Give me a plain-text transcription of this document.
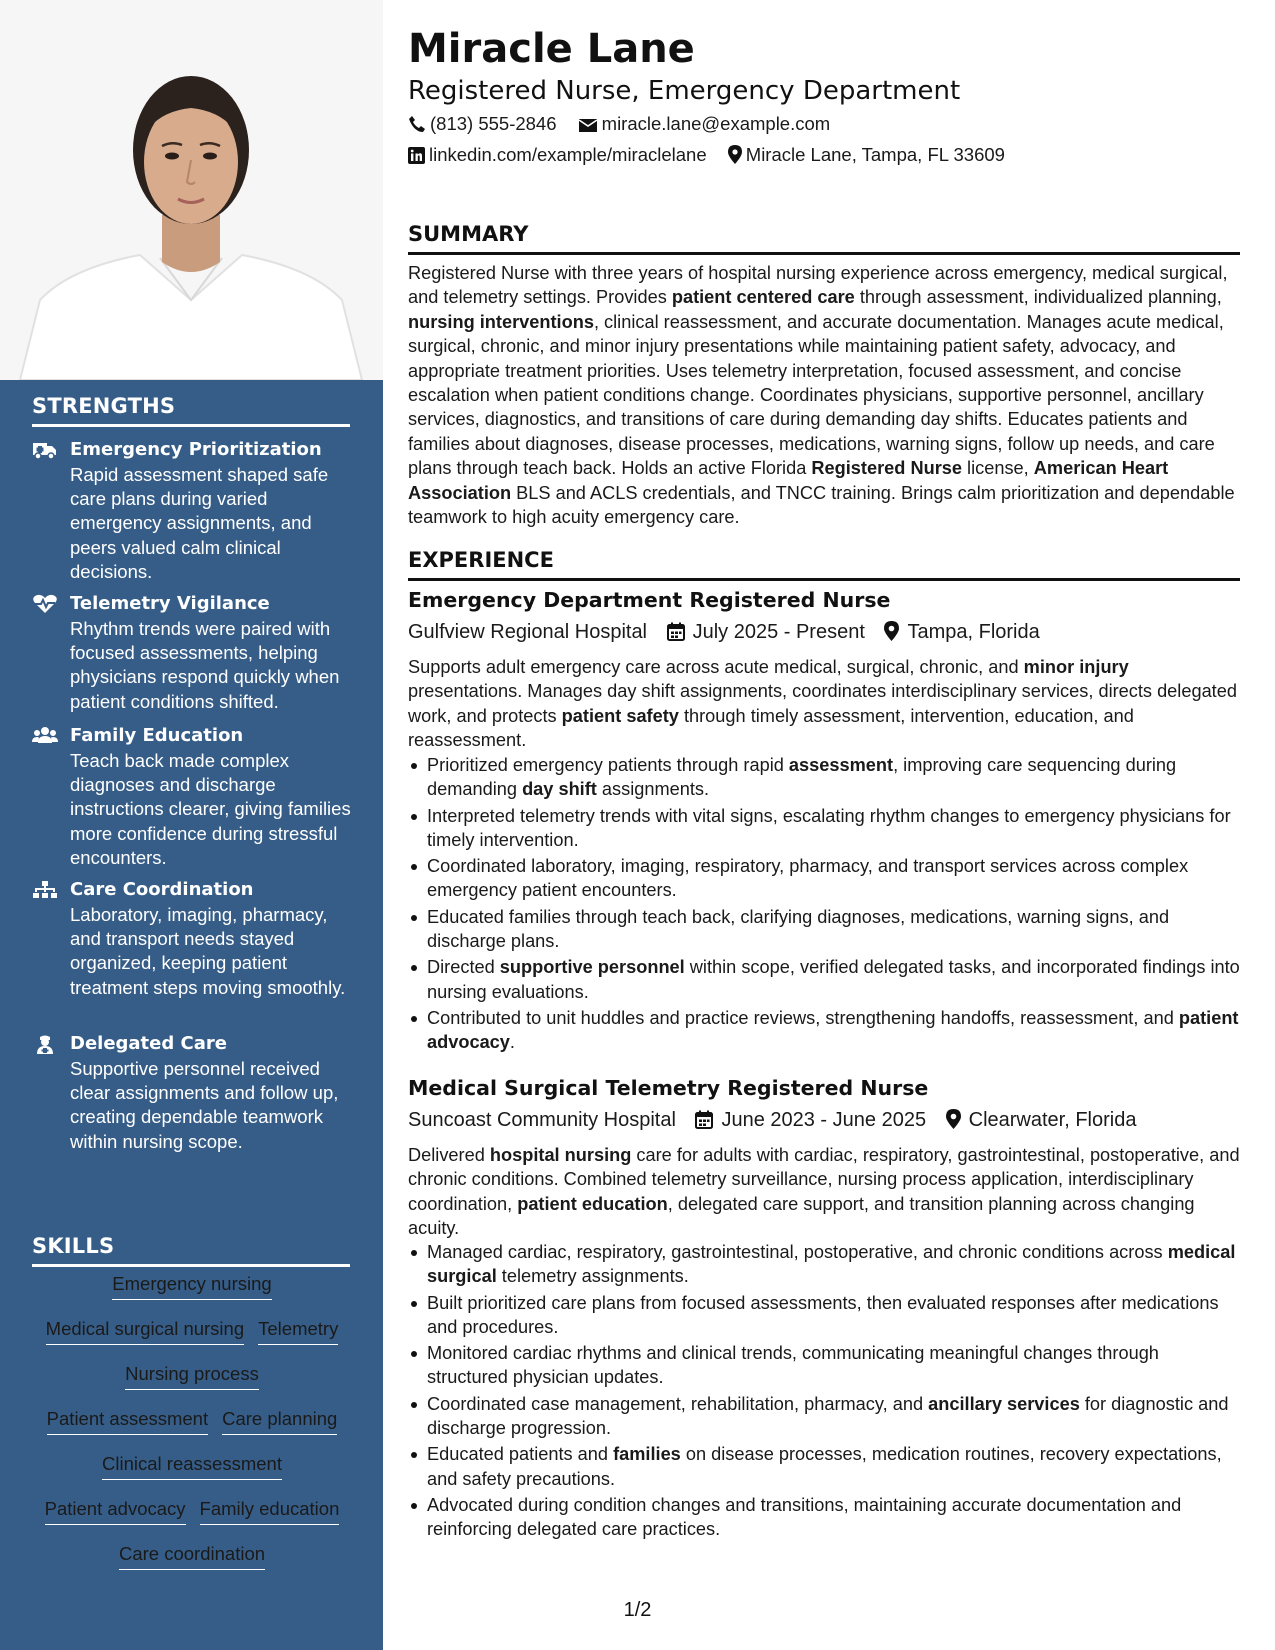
STRENGTHS
Emergency Prioritization
Rapid assessment shaped safe care plans during varied emergency assignments, and peers valued calm clinical decisions.
Telemetry Vigilance
Rhythm trends were paired with focused assessments, helping physicians respond quickly when patient conditions shifted.
Family Education
Teach back made complex diagnoses and discharge instructions clearer, giving families more confidence during stressful encounters.
Care Coordination
Laboratory, imaging, pharmacy, and transport needs stayed organized, keeping patient treatment steps moving smoothly.
Delegated Care
Supportive personnel received clear assignments and follow up, creating dependable teamwork within nursing scope.
SKILLS
Emergency nursing
Medical surgical nursing Telemetry
Nursing process
Patient assessment Care planning
Clinical reassessment
Patient advocacy Family education
Care coordination
Miracle Lane
Registered Nurse, Emergency Department
(813) 555-2846 miracle.lane@example.com
linkedin.com/example/miraclelane Miracle Lane, Tampa, FL 33609
SUMMARY
Registered Nurse with three years of hospital nursing experience across emergency, medical surgical, and telemetry settings. Provides patient centered care through assessment, individualized planning, nursing interventions, clinical reassessment, and accurate documentation. Manages acute medical, surgical, chronic, and minor injury presentations while maintaining patient safety, advocacy, and appropriate treatment priorities. Uses telemetry interpretation, focused assessment, and concise escalation when patient conditions change. Coordinates physicians, supportive personnel, ancillary services, diagnostics, and transitions of care during demanding day shifts. Educates patients and families about diagnoses, disease processes, medications, warning signs, follow up needs, and care plans through teach back. Holds an active Florida Registered Nurse license, American Heart Association BLS and ACLS credentials, and TNCC training. Brings calm prioritization and dependable teamwork to high acuity emergency care.
EXPERIENCE
Emergency Department Registered Nurse
Gulfview Regional Hospital July 2025 - Present Tampa, Florida
Supports adult emergency care across acute medical, surgical, chronic, and minor injury presentations. Manages day shift assignments, coordinates interdisciplinary services, directs delegated work, and protects patient safety through timely assessment, intervention, education, and reassessment.
Prioritized emergency patients through rapid assessment, improving care sequencing during demanding day shift assignments.
Interpreted telemetry trends with vital signs, escalating rhythm changes to emergency physicians for timely intervention.
Coordinated laboratory, imaging, respiratory, pharmacy, and transport services across complex emergency patient encounters.
Educated families through teach back, clarifying diagnoses, medications, warning signs, and discharge plans.
Directed supportive personnel within scope, verified delegated tasks, and incorporated findings into nursing evaluations.
Contributed to unit huddles and practice reviews, strengthening handoffs, reassessment, and patient advocacy.
Medical Surgical Telemetry Registered Nurse
Suncoast Community Hospital June 2023 - June 2025 Clearwater, Florida
Delivered hospital nursing care for adults with cardiac, respiratory, gastrointestinal, postoperative, and chronic conditions. Combined telemetry surveillance, nursing process application, interdisciplinary coordination, patient education, delegated care support, and transition planning across changing acuity.
Managed cardiac, respiratory, gastrointestinal, postoperative, and chronic conditions across medical surgical telemetry assignments.
Built prioritized care plans from focused assessments, then evaluated responses after medications and procedures.
Monitored cardiac rhythms and clinical trends, communicating meaningful changes through structured physician updates.
Coordinated case management, rehabilitation, pharmacy, and ancillary services for diagnostic and discharge progression.
Educated patients and families on disease processes, medication routines, recovery expectations, and safety precautions.
Advocated during condition changes and transitions, maintaining accurate documentation and reinforcing delegated care practices.
1/2
